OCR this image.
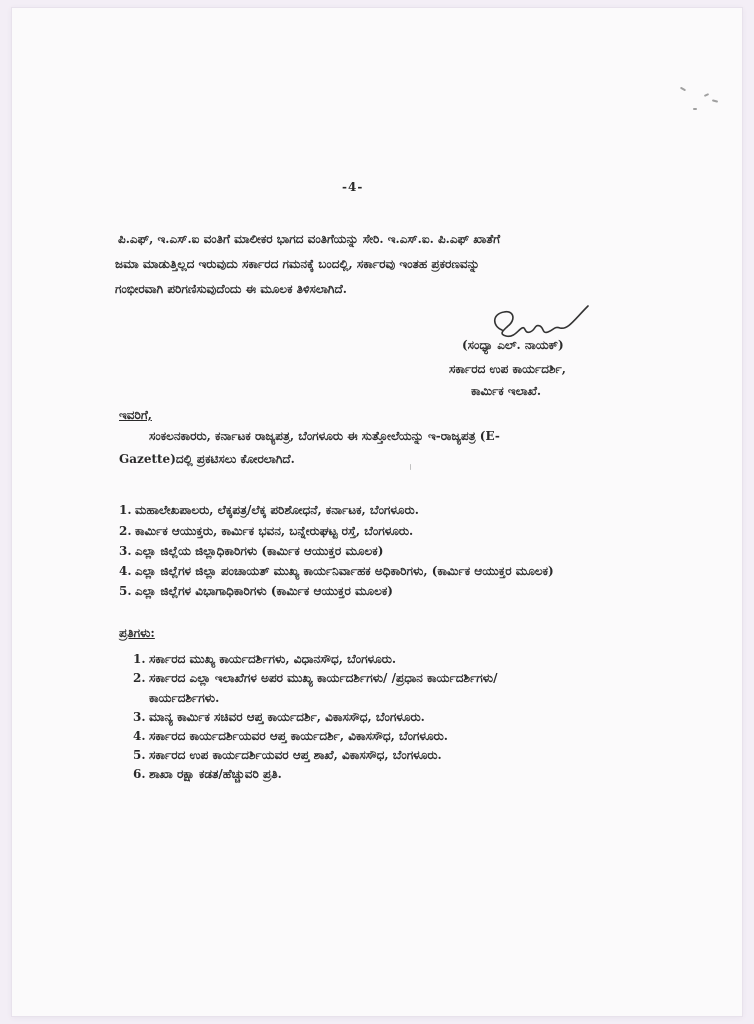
-4-
ಪಿ.ಎಫ್, ಇ.ಎಸ್.ಐ ವಂತಿಗೆ ಮಾಲೀಕರ ಭಾಗದ ವಂತಿಗೆಯನ್ನು ಸೇರಿ. ಇ.ಎಸ್.ಐ. ಪಿ.ಎಫ್ ಖಾತೆಗೆ
ಜಮಾ ಮಾಡುತ್ತಿಲ್ಲದ ಇರುವುದು ಸರ್ಕಾರದ ಗಮನಕ್ಕೆ ಬಂದಲ್ಲಿ, ಸರ್ಕಾರವು ಇಂತಹ ಪ್ರಕರಣವನ್ನು
ಗಂಭೀರವಾಗಿ ಪರಿಗಣಿಸುವುದೆಂದು ಈ ಮೂಲಕ ತಿಳಿಸಲಾಗಿದೆ.
(ಸಂಧ್ಯಾ ಎಲ್. ನಾಯಕ್)
ಸರ್ಕಾರದ ಉಪ ಕಾರ್ಯದರ್ಶಿ,
ಕಾರ್ಮಿಕ ಇಲಾಖೆ.
ಇವರಿಗೆ,
ಸಂಕಲನಕಾರರು, ಕರ್ನಾಟಕ ರಾಜ್ಯಪತ್ರ, ಬೆಂಗಳೂರು ಈ ಸುತ್ತೋಲೆಯನ್ನು ಇ-ರಾಜ್ಯಪತ್ರ (E-
Gazette)ದಲ್ಲಿ ಪ್ರಕಟಿಸಲು ಕೋರಲಾಗಿದೆ.
1. ಮಹಾಲೇಖಪಾಲರು, ಲೆಕ್ಕಪತ್ರ/ಲೆಕ್ಕ ಪರಿಶೋಧನೆ, ಕರ್ನಾಟಕ, ಬೆಂಗಳೂರು.
2. ಕಾರ್ಮಿಕ ಆಯುಕ್ತರು, ಕಾರ್ಮಿಕ ಭವನ, ಬನ್ನೇರುಘಟ್ಟ ರಸ್ತೆ, ಬೆಂಗಳೂರು.
3. ಎಲ್ಲಾ ಜಿಲ್ಲೆಯ ಜಿಲ್ಲಾಧಿಕಾರಿಗಳು (ಕಾರ್ಮಿಕ ಆಯುಕ್ತರ ಮೂಲಕ)
4. ಎಲ್ಲಾ ಜಿಲ್ಲೆಗಳ ಜಿಲ್ಲಾ ಪಂಚಾಯತ್ ಮುಖ್ಯ ಕಾರ್ಯನಿರ್ವಾಹಕ ಅಧಿಕಾರಿಗಳು, (ಕಾರ್ಮಿಕ ಆಯುಕ್ತರ ಮೂಲಕ)
5. ಎಲ್ಲಾ ಜಿಲ್ಲೆಗಳ ವಿಭಾಗಾಧಿಕಾರಿಗಳು (ಕಾರ್ಮಿಕ ಆಯುಕ್ತರ ಮೂಲಕ)
ಪ್ರತಿಗಳು:
1. ಸರ್ಕಾರದ ಮುಖ್ಯ ಕಾರ್ಯದರ್ಶಿಗಳು, ವಿಧಾನಸೌಧ, ಬೆಂಗಳೂರು.
2. ಸರ್ಕಾರದ ಎಲ್ಲಾ ಇಲಾಖೆಗಳ ಅಪರ ಮುಖ್ಯ ಕಾರ್ಯದರ್ಶಿಗಳು/ /ಪ್ರಧಾನ ಕಾರ್ಯದರ್ಶಿಗಳು/
ಕಾರ್ಯದರ್ಶಿಗಳು.
3. ಮಾನ್ಯ ಕಾರ್ಮಿಕ ಸಚಿವರ ಆಪ್ತ ಕಾರ್ಯದರ್ಶಿ, ವಿಕಾಸಸೌಧ, ಬೆಂಗಳೂರು.
4. ಸರ್ಕಾರದ ಕಾರ್ಯದರ್ಶಿಯವರ ಆಪ್ತ ಕಾರ್ಯದರ್ಶಿ, ವಿಕಾಸಸೌಧ, ಬೆಂಗಳೂರು.
5. ಸರ್ಕಾರದ ಉಪ ಕಾರ್ಯದರ್ಶಿಯವರ ಆಪ್ತ ಶಾಖೆ, ವಿಕಾಸಸೌಧ, ಬೆಂಗಳೂರು.
6. ಶಾಖಾ ರಕ್ಷಾ ಕಡತ/ಹೆಚ್ಚುವರಿ ಪ್ರತಿ.
